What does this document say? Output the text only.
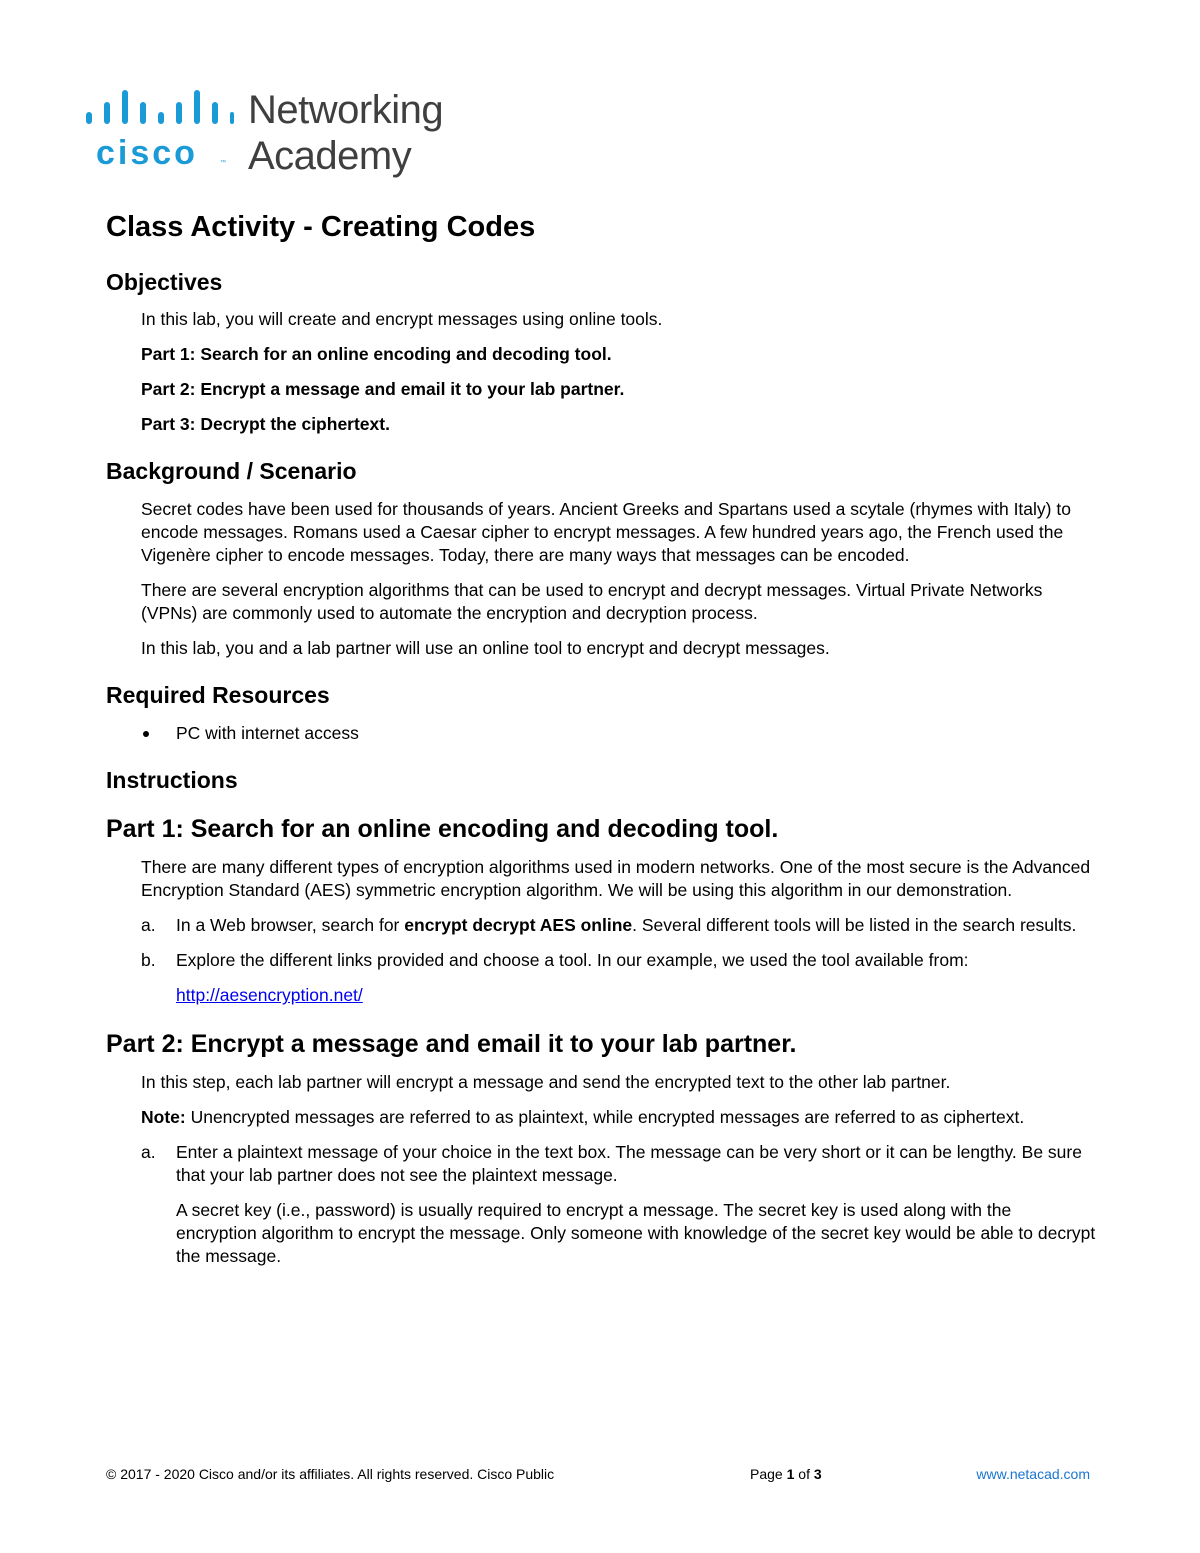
cisco	™
Networking
Academy
Class Activity - Creating Codes
Objectives

In this lab, you will create and encrypt messages using online tools.

Part 1: Search for an online encoding and decoding tool.

Part 2: Encrypt a message and email it to your lab partner.

Part 3: Decrypt the ciphertext.

Background / Scenario

Secret codes have been used for thousands of years. Ancient Greeks and Spartans used a scytale (rhymes with Italy) to encode messages. Romans used a Caesar cipher to encrypt messages. A few hundred years ago, the French used the Vigenère cipher to encode messages. Today, there are many ways that messages can be encoded.

There are several encryption algorithms that can be used to encrypt and decrypt messages. Virtual Private Networks (VPNs) are commonly used to automate the encryption and decryption process.

In this lab, you and a lab partner will use an online tool to encrypt and decrypt messages.

Required Resources
PC with internet access
Instructions
Part 1: Search for an online encoding and decoding tool.

There are many different types of encryption algorithms used in modern networks. One of the most secure is the Advanced Encryption Standard (AES) symmetric encryption algorithm. We will be using this algorithm in our demonstration.

a. In a Web browser, search for encrypt decrypt AES online. Several different tools will be listed in the search results.
b. Explore the different links provided and choose a tool. In our example, we used the tool available from:

http://aesencryption.net/

Part 2: Encrypt a message and email it to your lab partner.

In this step, each lab partner will encrypt a message and send the encrypted text to the other lab partner.

Note: Unencrypted messages are referred to as plaintext, while encrypted messages are referred to as ciphertext.

a. Enter a plaintext message of your choice in the text box. The message can be very short or it can be lengthy. Be sure that your lab partner does not see the plaintext message.

A secret key (i.e., password) is usually required to encrypt a message. The secret key is used along with the encryption algorithm to encrypt the message. Only someone with knowledge of the secret key would be able to decrypt the message.

© 2017 - 2020 Cisco and/or its affiliates. All rights reserved. Cisco Public	Page 1 of 3	www.netacad.com
